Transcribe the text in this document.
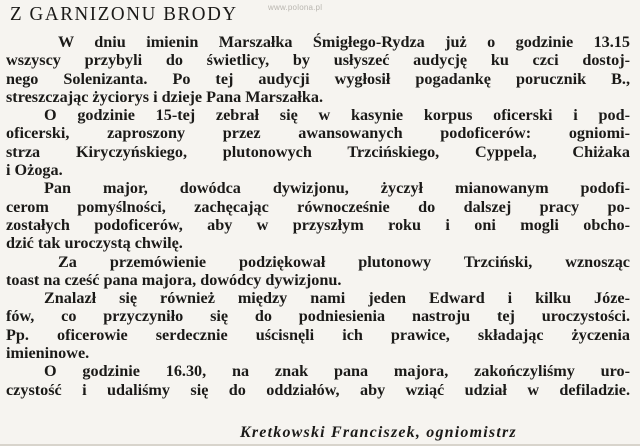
www.polona.pl
Z GARNIZONU BRODY

W dniu imienin Marszałka Śmigłego-Rydza już o godzinie 13.15
wszyscy przybyli do świetlicy, by usłyszeć audycję ku czci dostoj-
nego Solenizanta. Po tej audycji wygłosił pogadankę porucznik B.,
streszczając życiorys i dzieje Pana Marszałka.

O godzinie 15-tej zebrał się w kasynie korpus oficerski i pod-
oficerski, zaproszony przez awansowanych podoficerów: ogniomi-
strza Kiryczyńskiego, plutonowych Trzcińskiego, Cyppela, Chiżaka
i Ożoga.

Pan major, dowódca dywizjonu, życzył mianowanym podofi-
cerom pomyślności, zachęcając równocześnie do dalszej pracy po-
zostałych podoficerów, aby w przyszłym roku i oni mogli obcho-
dzić tak uroczystą chwilę.

Za przemówienie podziękował plutonowy Trzciński, wznosząc
toast na cześć pana majora, dowódcy dywizjonu.

Znalazł się również między nami jeden Edward i kilku Józe-
fów, co przyczyniło się do podniesienia nastroju tej uroczystości.
Pp. oficerowie serdecznie uścisnęli ich prawice, składając życzenia
imieninowe.

O godzinie 16.30, na znak pana majora, zakończyliśmy uro-
czystość i udaliśmy się do oddziałów, aby wziąć udział w defiladzie.

Kretkowski Franciszek, ogniomistrz
